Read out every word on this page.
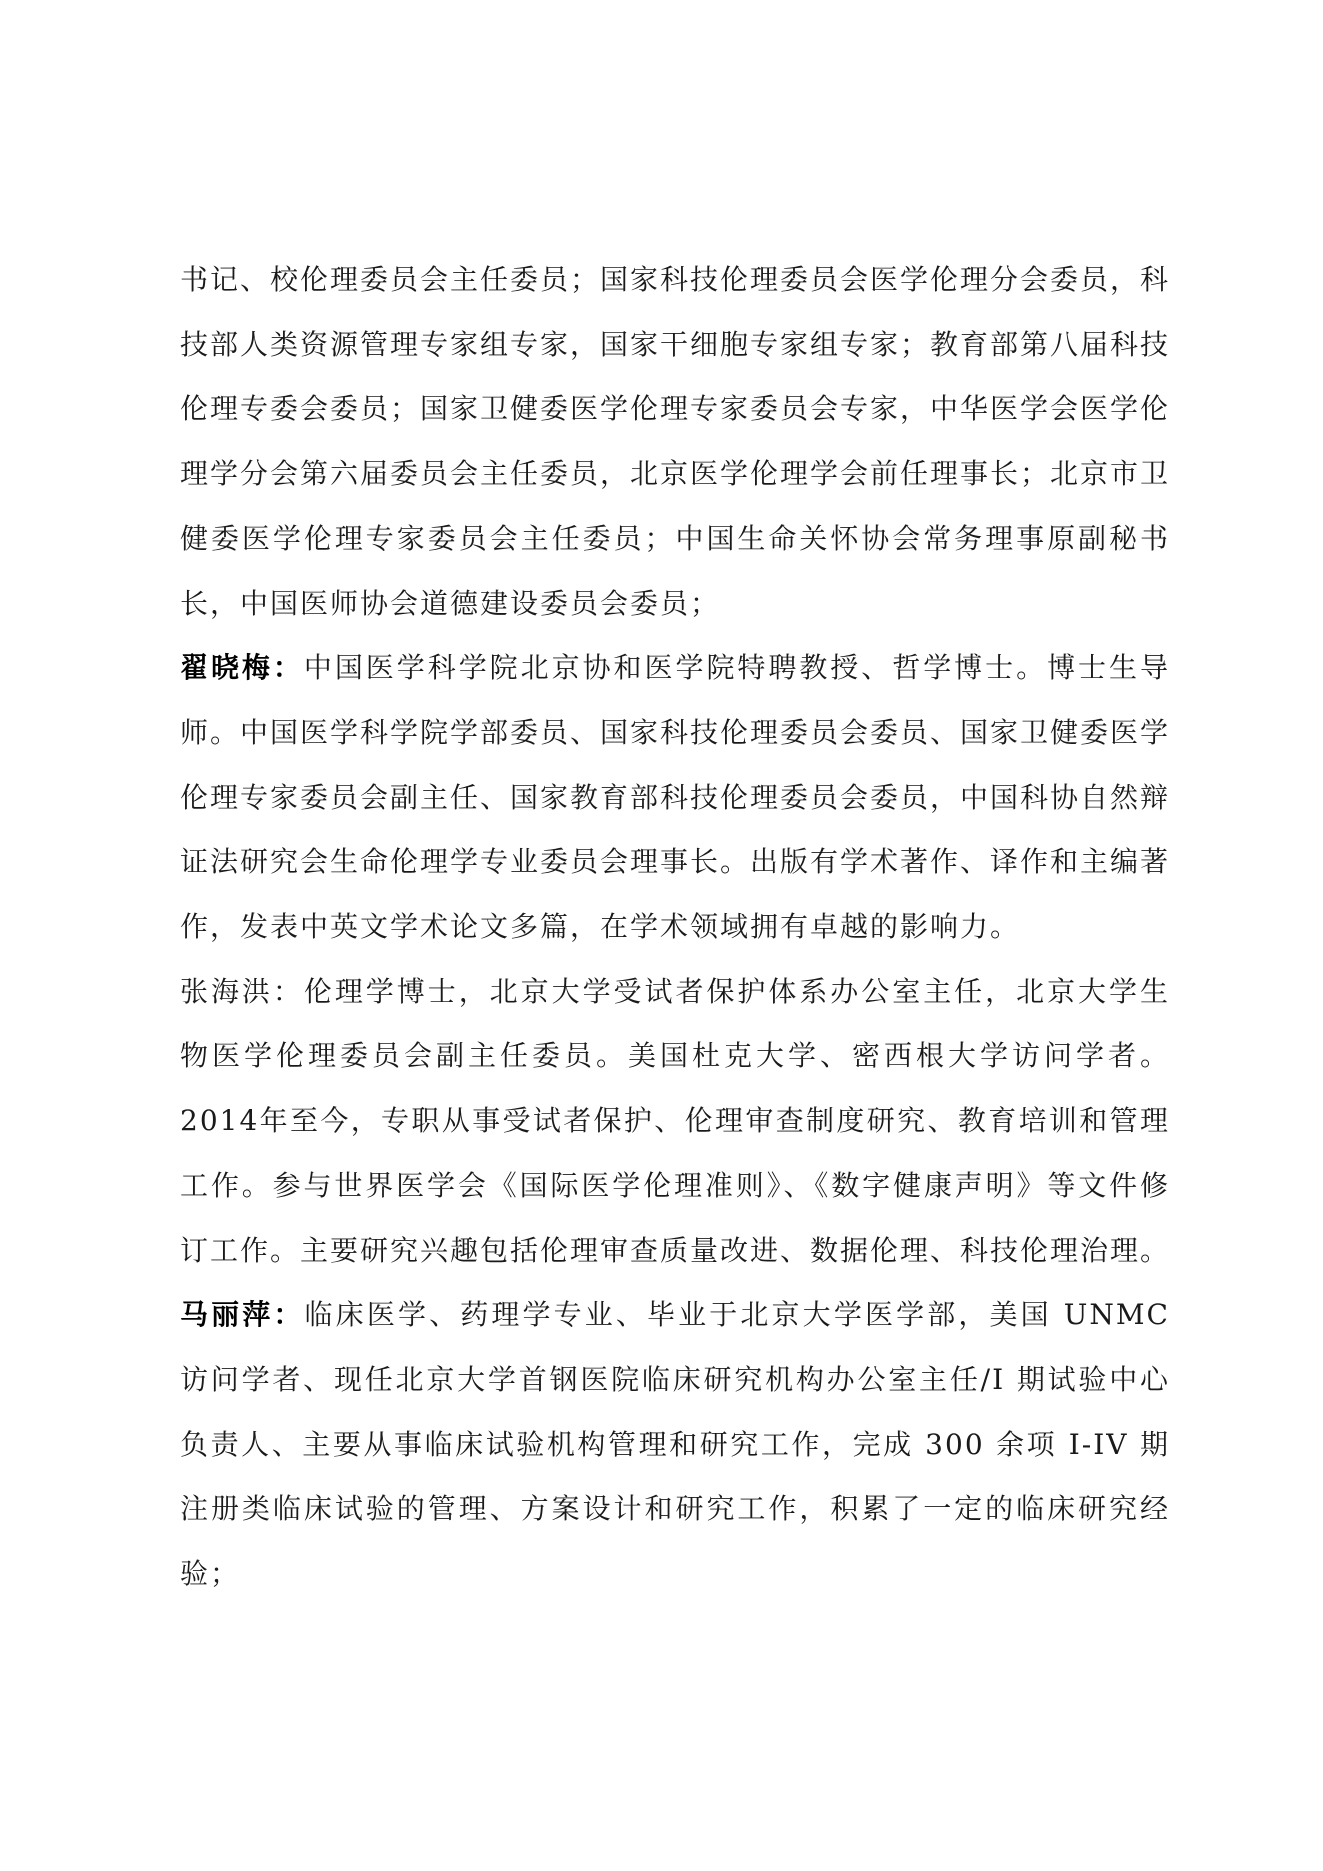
书记、校伦理委员会主任委员；国家科技伦理委员会医学伦理分会委员，科技部人类资源管理专家组专家，国家干细胞专家组专家；教育部第八届科技伦理专委会委员；国家卫健委医学伦理专家委员会专家，中华医学会医学伦理学分会第六届委员会主任委员，北京医学伦理学会前任理事长；北京市卫健委医学伦理专家委员会主任委员；中国生命关怀协会常务理事原副秘书长，中国医师协会道德建设委员会委员；

翟晓梅：中国医学科学院北京协和医学院特聘教授、哲学博士。博士生导师。中国医学科学院学部委员、国家科技伦理委员会委员、国家卫健委医学伦理专家委员会副主任、国家教育部科技伦理委员会委员，中国科协自然辩证法研究会生命伦理学专业委员会理事长。出版有学术著作、译作和主编著作，发表中英文学术论文多篇，在学术领域拥有卓越的影响力。

张海洪：伦理学博士，北京大学受试者保护体系办公室主任，北京大学生物医学伦理委员会副主任委员。美国杜克大学、密西根大学访问学者。2014年至今，专职从事受试者保护、伦理审查制度研究、教育培训和管理工作。参与世界医学会《国际医学伦理准则》、《数字健康声明》等文件修订工作。主要研究兴趣包括伦理审查质量改进、数据伦理、科技伦理治理。

马丽萍：临床医学、药理学专业、毕业于北京大学医学部，美国 UNMC 访问学者、现任北京大学首钢医院临床研究机构办公室主任/I 期试验中心负责人、主要从事临床试验机构管理和研究工作，完成 300 余项 I-IV 期注册类临床试验的管理、方案设计和研究工作，积累了一定的临床研究经验；
